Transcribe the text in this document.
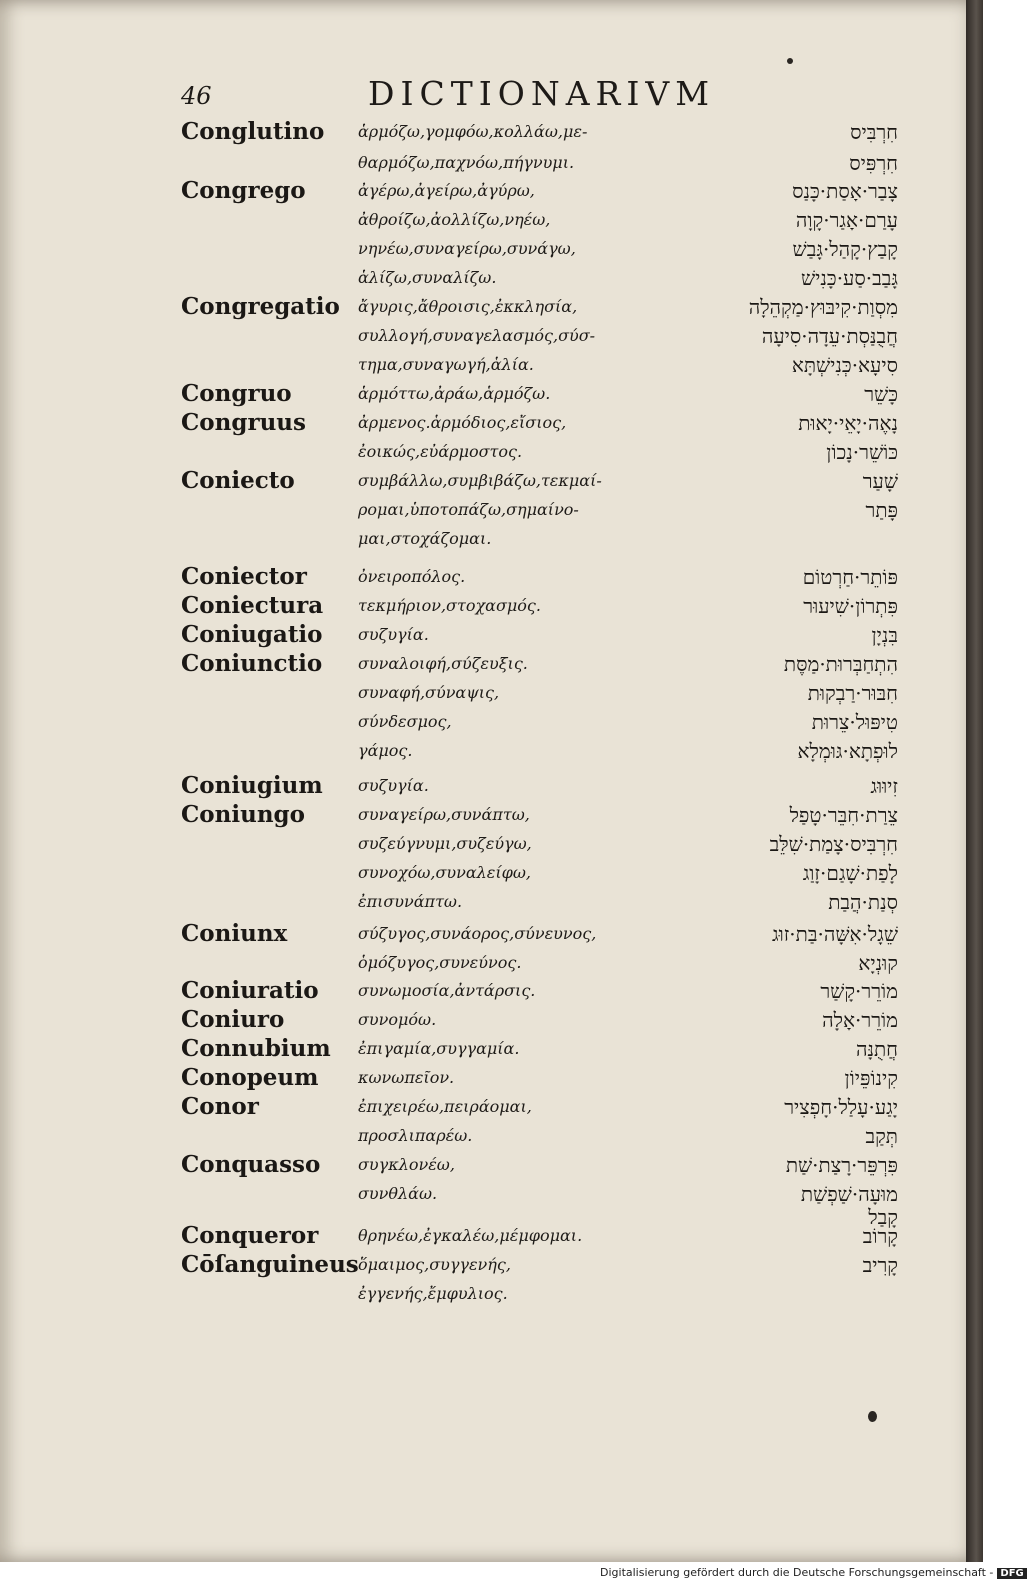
46	DICTIONARIVM
Conglutino ἁρμόζω,γομφόω,κολλάω,με-	חִרְבִּיס
θαρμόζω,παχνόω,πήγνυμι.	חִרְפִּיס
Congrego	ἀγέρω,ἀγείρω,ἀγύρω,	צָבַר·אָסַת·כָּנַס
ἀθροίζω,ἀολλίζω,νηέω,	עָרַם·אָגַר·קָוָה
νηνέω,συναγείρω,συνάγω,	קָבַץ·קָהַל·גָּבַשׁ
ἁλίζω,συναλίζω.	גָּבַב·סַע·כָּנִישׁ
Congregatio ἄγυρις,ἄθροισις,ἐκκλησία,	מִסְוַת·קִיבּוּץ·מַקְהֵלָה
συλλογή,συναγελασμός,σύσ-	חֲבֻנַּסְת·עֵדָה·סִיעָה
τημα,συναγωγή,ἁλία.	סִיעָא·כְּנִישְׁתָּא
Congruo	ἁρμόττω,ἀράω,ἁρμόζω.	כָּשֵׁר
Congruus	ἀρμενος.ἁρμόδιος,εἴσιος,	נָאֶה·יָאֵי·יָאוּת
ἐοικώς,εὐάρμοστος.	כּוֹשֵׁר·נָכוֹן
Coniecto	συμβάλλω,συμβιβάζω,τεκμαί-	שָׁעַר
ρομαι,ὑποτοπάζω,σημαίνο-	פָּתַר
μαι,στοχάζομαι.
Coniector	ὀνειροπόλος.	פּוֹתֵר·חַרְטוֹם
Coniectura τεκμήριον,στοχασμός.	פִּתְרוֹן·שִׁיעוּר
Coniugatio συζυγία.	בִּנְיָן
Coniunctio συναλοιφή,σύζευξις.	הִתְחַבְּרוּת·מַסֶּת
συναφή,σύναψις,	חִבּוּר·רַבְקוּת
σύνδεσμος,	טִיפּוּל·צֵרוּת
γάμος.	לוּפְתָא·גּוּמְלָא
Coniugium συζυγία.	זִיוּוּג
Coniungo	συναγείρω,συνάπτω,	צֵרַת·חִבֵּר·טָפַל
συζεύγνυμι,συζεύγω,	חִרְבִּיס·צָמַת·שִׁלֵּב
συνοχόω,συναλείφω,	לָפַת·שָׁגַם·זָוַג
ἐπισυνάπτω.	סְנַת·הֲבַת
Coniunx	σύζυγος,συνάορος,σύνευνος,	שֵׁגָל·אִשָּׁה·בַּת·זוּג
ὁμόζυγος,συνεύνος.	קוּנְיָא
Coniuratio συνωμοσία,ἀντάρσις.	מוֹרֵר·קָשַׁר
Coniuro	συνομόω.	מוֹרֵר·אָלָה
Connubium ἐπιγαμία,συγγαμία.	חֲתֻנָּה
Conopeum κωνωπεῖον.	קִינוֹפֵּיוֹן
Conor	ἐπιχειρέω,πειράομαι,	יָגַע·עָלַל·חָפְצִיר
προσλιπαρέω.	תְּקַב
Conquasso συγκλονέω,	פִּרְפֵּר·רָצַת·שַׁת
συνθλάω.	מוּעָה·שַׁפְשַׁת
קָבַל
Conqueror θρηνέω,ἐγκαλέω,μέμφομαι.	קָרוֹב
Cōſanguineus ὅμαιμος,συγγενής,	קָרִיב
ἐγγενής,ἔμφυλιος.
Digitalisierung gefördert durch die Deutsche Forschungsgemeinschaft - DFG
